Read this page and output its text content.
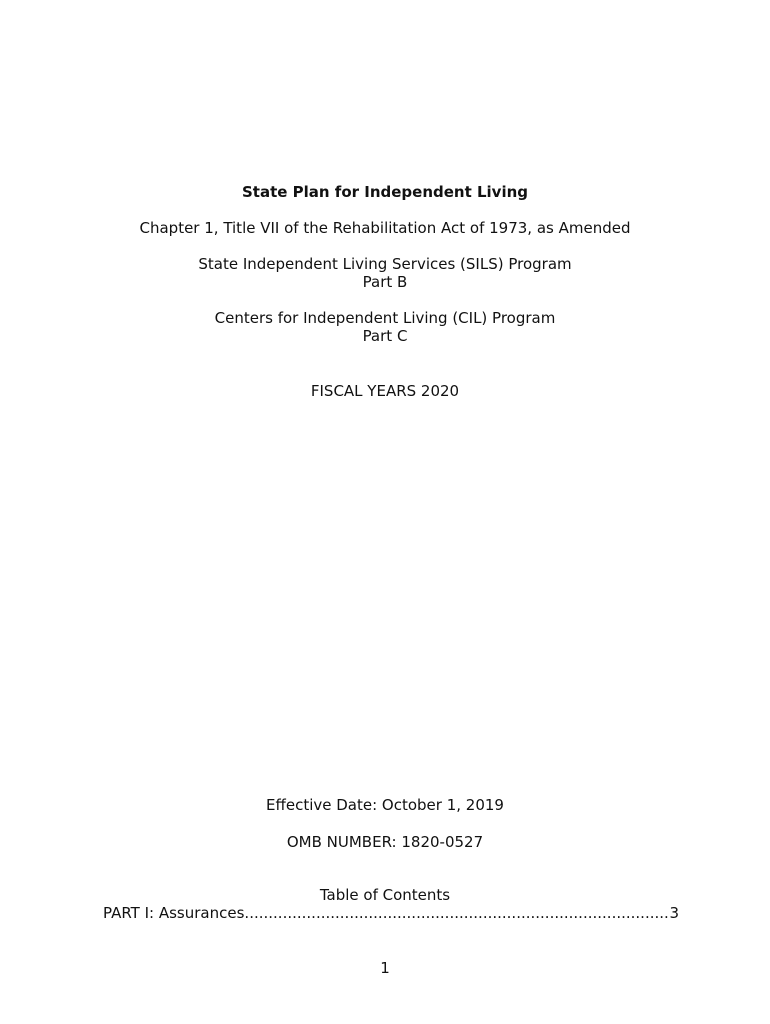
State Plan for Independent Living
Chapter 1, Title VII of the Rehabilitation Act of 1973, as Amended
State Independent Living Services (SILS) Program
Part B
Centers for Independent Living (CIL) Program
Part C
FISCAL YEARS 2020
Effective Date: October 1, 2019
OMB NUMBER: 1820-0527
Table of Contents
PART I: Assurances
.....	3
1
